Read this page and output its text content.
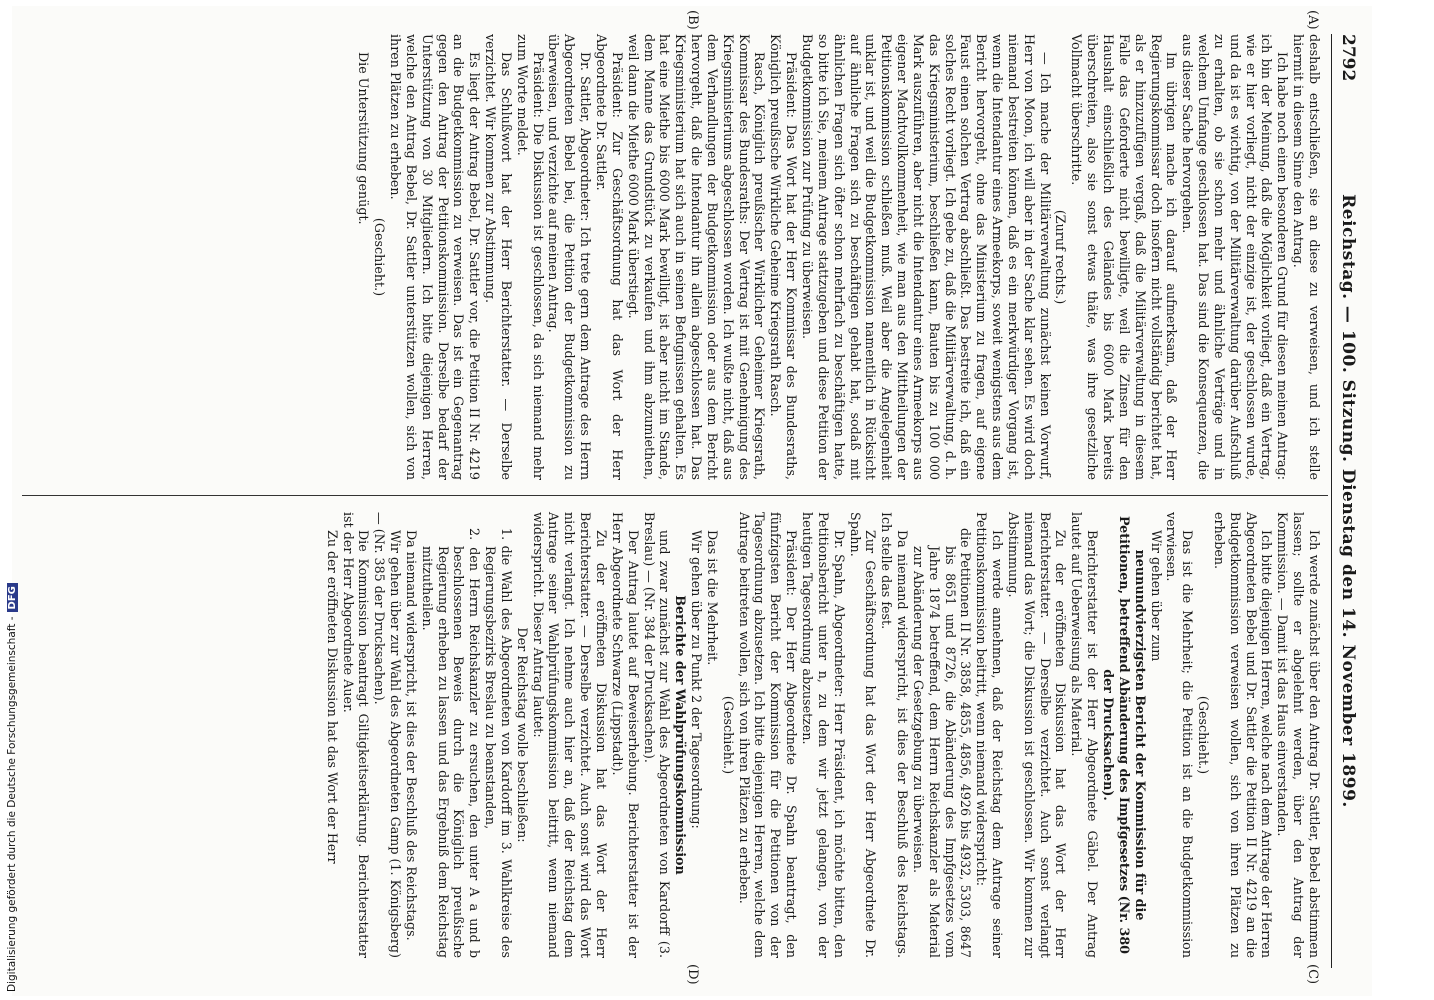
2792
Reichstag. — 100. Sitzung. Dienstag den 14. November 1899.
(A)
(B)
(C)
(D)

deshalb entschließen, sie an diese zu verweisen, und ich stelle hiermit in diesem Sinne den Antrag.

Ich habe noch einen besonderen Grund für diesen meinen Antrag: ich bin der Meinung, daß die Möglichkeit vorliegt, daß ein Vertrag, wie er hier vorliegt, nicht der einzige ist, der geschlossen wurde, und da ist es wichtig, von der Militärverwaltung darüber Aufschluß zu erhalten, ob sie schon mehr und ähnliche Verträge und in welchem Umfange geschlossen hat. Das sind die Konsequenzen, die aus dieser Sache hervorgehen.

Im übrigen mache ich darauf aufmerksam, daß der Herr Regierungskommissar doch insofern nicht vollständig berichtet hat, als er hinzuzufügen vergaß, daß die Militärverwaltung in diesem Falle das Geforderte nicht bewilligte, weil die Zinsen für den Haushalt einschließlich des Geländes bis 6000 Mark bereits überschreiten, also sie sonst etwas thäte, was ihre gesetzliche Vollmacht überschritte.

(Zuruf rechts.)

— Ich mache der Militärverwaltung zunächst keinen Vorwurf, Herr von Moon, ich will aber in der Sache klar sehen. Es wird doch niemand bestreiten können, daß es ein merkwürdiger Vorgang ist, wenn die Intendantur eines Armeekorps, soweit wenigstens aus dem Bericht hervorgeht, ohne das Ministerium zu fragen, auf eigene Faust einen solchen Vertrag abschließt. Das bestreite ich, daß ein solches Recht vorliegt. Ich gebe zu, daß die Militärverwaltung, d. h. das Kriegsministerium, beschließen kann, Bauten bis zu 100 000 Mark auszuführen, aber nicht die Intendantur eines Armeekorps aus eigener Machtvollkommenheit, wie man aus den Mittheilungen der Petitionskommission schließen muß. Weil aber die Angelegenheit unklar ist, und weil die Budgetkommission namentlich in Rücksicht auf ähnliche Fragen sich zu beschäftigen gehabt hat, sodaß mit ähnlichen Fragen sich öfter schon mehrfach zu beschäftigen hatte, so bitte ich Sie, meinem Antrage stattzugeben und diese Petition der Budgetkommission zur Prüfung zu überweisen.

Präsident: Das Wort hat der Herr Kommissar des Bundesraths, Königlich preußische Wirkliche Geheime Kriegsrath Rasch.

Rasch, Königlich preußischer Wirklicher Geheimer Kriegsrath, Kommissar des Bundesraths: Der Vertrag ist mit Genehmigung des Kriegsministeriums abgeschlossen worden. Ich wußte nicht, daß aus dem Verhandlungen der Budgetkommission oder aus dem Bericht hervorgeht, daß die Intendantur ihn allein abgeschlossen hat. Das Kriegsministerium hat sich auch in seinen Befugnissen gehalten. Es hat eine Miethe bis 6000 Mark bewilligt, ist aber nicht im Stande, dem Manne das Grundstück zu verkaufen und ihm abzumiethen, weil dann die Miethe 6000 Mark überstiegt.

Präsident: Zur Geschäftsordnung hat das Wort der Herr Abgeordnete Dr. Sattler.

Dr. Sattler, Abgeordneter: Ich trete gern dem Antrage des Herrn Abgeordneten Bebel bei, die Petition der Budgetkommission zu überweisen, und verzichte auf meinen Antrag.

Präsident: Die Diskussion ist geschlossen, da sich niemand mehr zum Worte meldet.

Das Schlußwort hat der Herr Berichterstatter. — Derselbe verzichtet. Wir kommen zur Abstimmung.

Es liegt der Antrag Bebel, Dr. Sattler vor, die Petition II Nr. 4219 an die Budgetkommission zu verweisen. Das ist ein Gegenantrag gegen den Antrag der Petitionskommission. Derselbe bedarf der Unterstützung von 30 Mitgliedern. Ich bitte diejenigen Herren, welche den Antrag Bebel, Dr. Sattler unterstützen wollen, sich von ihren Plätzen zu erheben.

(Geschieht.)

Die Unterstützung genügt.

Ich werde zunächst über den Antrag Dr. Sattler, Bebel abstimmen lassen; sollte er abgelehnt werden, über den Antrag der Kommission. — Damit ist das Haus einverstanden.

Ich bitte diejenigen Herren, welche nach dem Antrage der Herren Abgeordneten Bebel und Dr. Sattler die Petition II Nr. 4219 an die Budgetkommission verweisen wollen, sich von ihren Plätzen zu erheben.

(Geschieht.)

Das ist die Mehrheit; die Petition ist an die Budgetkommission verwiesen.

Wir gehen über zum

neunundvierzigsten Bericht der Kommission für die Petitionen, betreffend Abänderung des Impfgesetzes (Nr. 380 der Drucksachen).

Berichterstatter ist der Herr Abgeordnete Gäbel. Der Antrag lautet auf Ueberweisung als Material.

Zu der eröffneten Diskussion hat das Wort der Herr Berichterstatter. — Derselbe verzichtet. Auch sonst verlangt niemand das Wort; die Diskussion ist geschlossen. Wir kommen zur Abstimmung.

Ich werde annehmen, daß der Reichstag dem Antrage seiner Petitionskommission beitritt, wenn niemand widerspricht:

die Petitionen II Nr. 3858, 4855, 4856, 4926 bis 4932, 5303, 8647 bis 8651 und 8726, die Abänderung des Impfgesetzes vom Jahre 1874 betreffend, dem Herrn Reichskanzler als Material zur Abänderung der Gesetzgebung zu überweisen.

Da niemand widerspricht, ist dies der Beschluß des Reichstags. Ich stelle das fest.

Zur Geschäftsordnung hat das Wort der Herr Abgeordnete Dr. Spahn.

Dr. Spahn, Abgeordneter: Herr Präsident, ich möchte bitten, den Petitionsbericht unter n, zu dem wir jetzt gelangen, von der heutigen Tagesordnung abzusetzen.

Präsident: Der Herr Abgeordnete Dr. Spahn beantragt, den fünfzigsten Bericht der Kommission für die Petitionen von der Tagesordnung abzusetzen. Ich bitte diejenigen Herren, welche dem Antrage beitreten wollen, sich von ihren Plätzen zu erheben.

(Geschieht.)

Das ist die Mehrheit.

Wir gehen über zu Punkt 2 der Tagesordnung:

Berichte der Wahlprüfungskommission

und zwar zunächst zur Wahl des Abgeordneten von Kardorff (3. Breslau) — (Nr. 384 der Drucksachen).

Der Antrag lautet auf Beweiserhebung. Berichterstatter ist der Herr Abgeordnete Schwarze (Lippstadt).

Zu der eröffneten Diskussion hat das Wort der Herr Berichterstatter. — Derselbe verzichtet. Auch sonst wird das Wort nicht verlangt. Ich nehme auch hier an, daß der Reichstag dem Antrage seiner Wahlprüfungskommission beitritt, wenn niemand widerspricht. Dieser Antrag lautet:

Der Reichstag wolle beschließen:

1. die Wahl des Abgeordneten von Kardorff im 3. Wahlkreise des Regierungsbezirks Breslau zu beanstanden,

2. den Herrn Reichskanzler zu ersuchen, den unter A a und b beschlossenen Beweis durch die Königlich preußische Regierung erheben zu lassen und das Ergebniß dem Reichstag mitzutheilen.

Da niemand widerspricht, ist dies der Beschluß des Reichstags.

Wir gehen über zur Wahl des Abgeordneten Gamp (1. Königsberg) — (Nr. 385 der Drucksachen).

Die Kommission beantragt Giltigkeitserklärung. Berichterstatter ist der Herr Abgeordnete Auer.

Zu der eröffneten Diskussion hat das Wort der Herr

Digitalisierung gefördert durch die Deutsche Forschungsgemeinschaft -DFG
